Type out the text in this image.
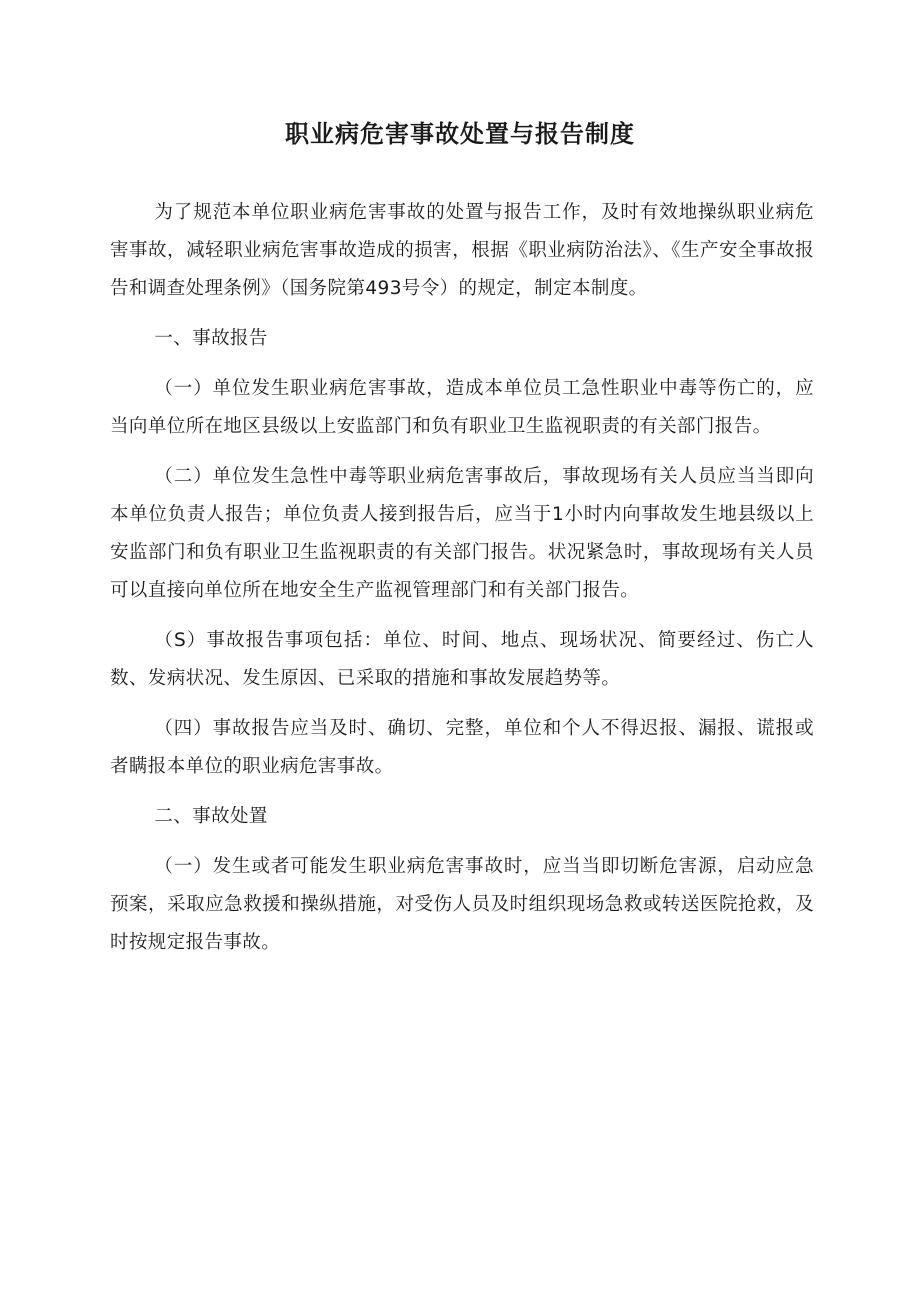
职业病危害事故处置与报告制度

为了规范本单位职业病危害事故的处置与报告工作，及时有效地操纵职业病危害事故，减轻职业病危害事故造成的损害，根据《职业病防治法》、《生产安全事故报告和调查处理条例》（国务院第493号令）的规定，制定本制度。

一、事故报告

（一）单位发生职业病危害事故，造成本单位员工急性职业中毒等伤亡的，应当向单位所在地区县级以上安监部门和负有职业卫生监视职责的有关部门报告。

（二）单位发生急性中毒等职业病危害事故后，事故现场有关人员应当当即向本单位负责人报告；单位负责人接到报告后，应当于1小时内向事故发生地县级以上安监部门和负有职业卫生监视职责的有关部门报告。状况紧急时，事故现场有关人员可以直接向单位所在地安全生产监视管理部门和有关部门报告。

（S）事故报告事项包括：单位、时间、地点、现场状况、简要经过、伤亡人数、发病状况、发生原因、已采取的措施和事故发展趋势等。

（四）事故报告应当及时、确切、完整，单位和个人不得迟报、漏报、谎报或者瞒报本单位的职业病危害事故。

二、事故处置

（一）发生或者可能发生职业病危害事故时，应当当即切断危害源，启动应急预案，采取应急救援和操纵措施，对受伤人员及时组织现场急救或转送医院抢救，及时按规定报告事故。
